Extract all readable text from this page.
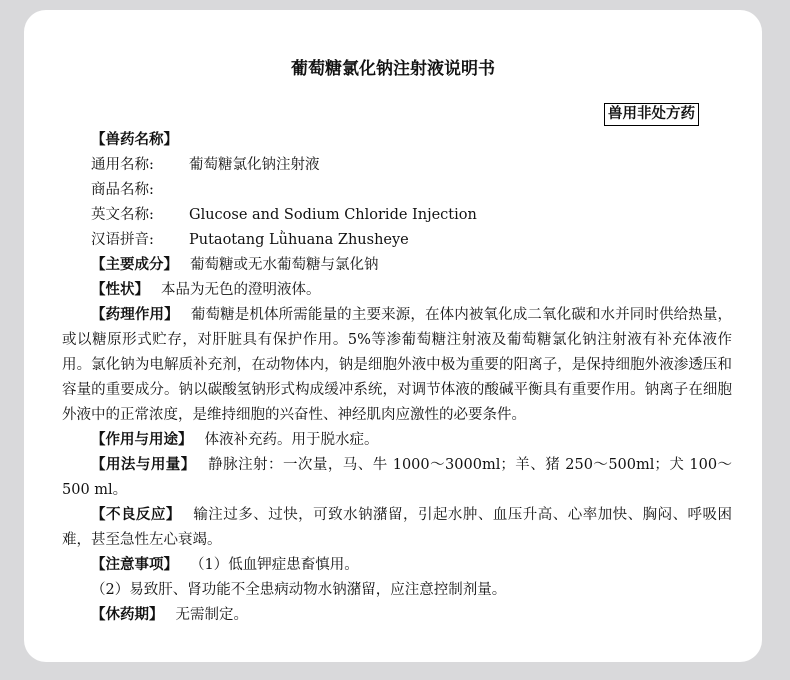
葡萄糖氯化钠注射液说明书
兽用非处方药
【兽药名称】
通用名称: 葡萄糖氯化钠注射液
商品名称:
英文名称: Glucose and Sodium Chloride Injection
汉语拼音: Putaotang Lǜhuana Zhusheye
【主要成分】 葡萄糖或无水葡萄糖与氯化钠
【性状】 本品为无色的澄明液体。
【药理作用】 葡萄糖是机体所需能量的主要来源，在体内被氧化成二氧化碳和水并同时供给热量，或以糖原形式贮存，对肝脏具有保护作用。5%等渗葡萄糖注射液及葡萄糖氯化钠注射液有补充体液作用。氯化钠为电解质补充剂，在动物体内，钠是细胞外液中极为重要的阳离子，是保持细胞外液渗透压和容量的重要成分。钠以碳酸氢钠形式构成缓冲系统，对调节体液的酸碱平衡具有重要作用。钠离子在细胞外液中的正常浓度，是维持细胞的兴奋性、神经肌肉应激性的必要条件。
【作用与用途】 体液补充药。用于脱水症。
【用法与用量】 静脉注射：一次量，马、牛 1000～3000ml；羊、猪 250～500ml；犬 100～500 ml。
【不良反应】 输注过多、过快，可致水钠潴留，引起水肿、血压升高、心率加快、胸闷、呼吸困难，甚至急性左心衰竭。
【注意事项】 （1）低血钾症患畜慎用。
（2）易致肝、肾功能不全患病动物水钠潴留，应注意控制剂量。
【休药期】 无需制定。
